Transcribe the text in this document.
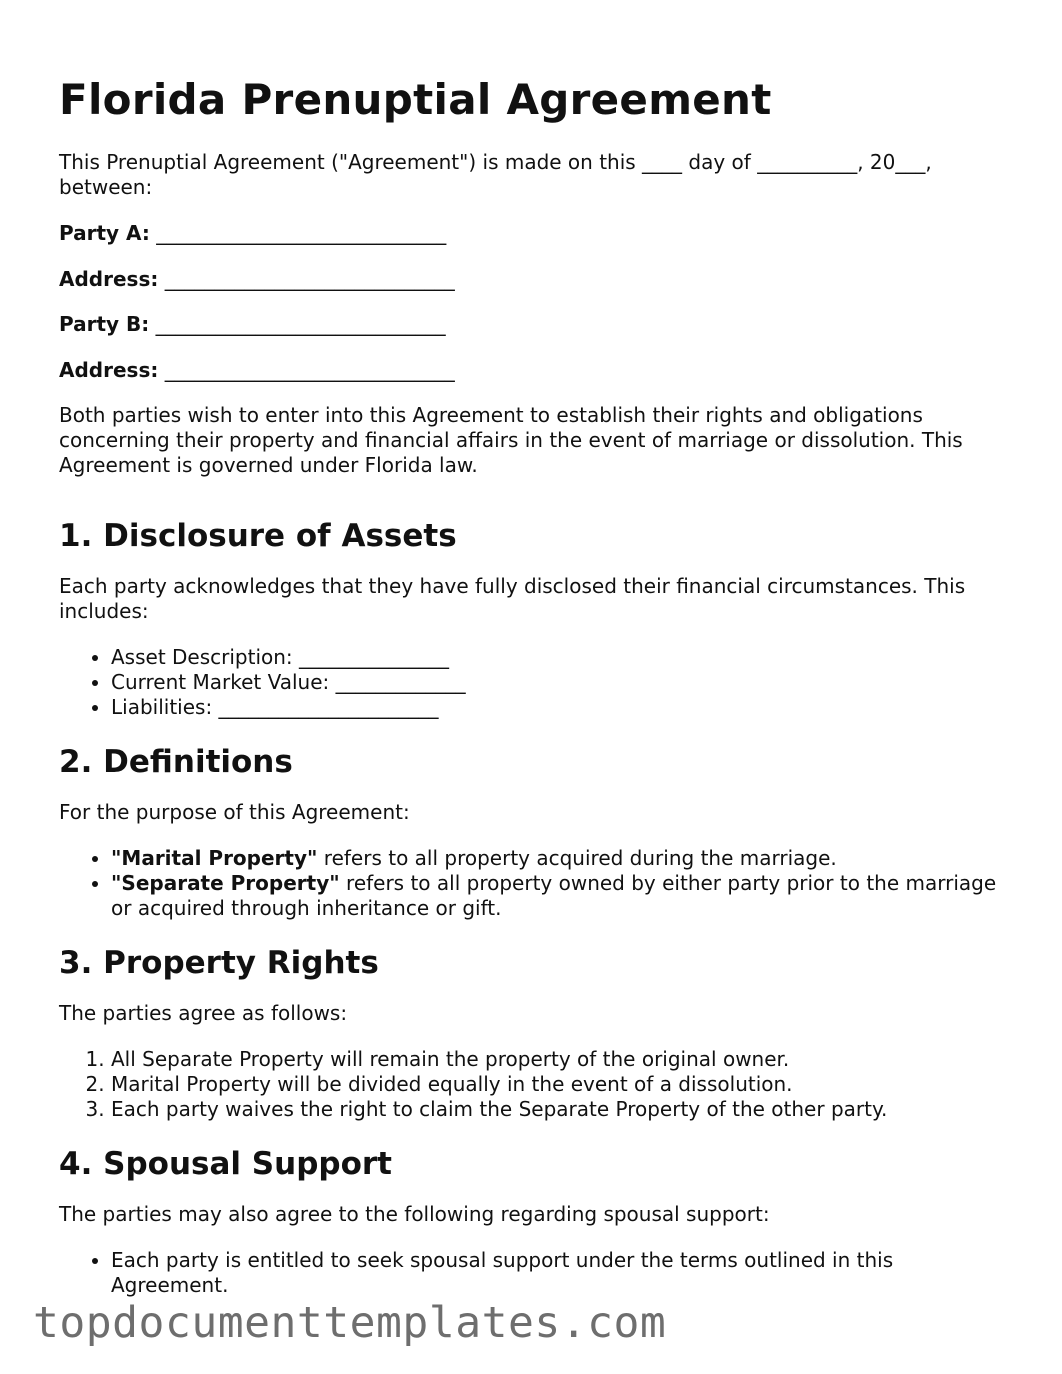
Florida Prenuptial Agreement

This Prenuptial Agreement ("Agreement") is made on this ____ day of __________, 20___, between:

Party A: _____________________________
Address: _____________________________
Party B: _____________________________
Address: _____________________________

Both parties wish to enter into this Agreement to establish their rights and obligations concerning their property and financial affairs in the event of marriage or dissolution. This Agreement is governed under Florida law.

1. Disclosure of Assets

Each party acknowledges that they have fully disclosed their financial circumstances. This includes:

• Asset Description: _______________
• Current Market Value: _____________
• Liabilities: ______________________
2. Definitions

For the purpose of this Agreement:

• "Marital Property" refers to all property acquired during the marriage.
• "Separate Property" refers to all property owned by either party prior to the marriage or acquired through inheritance or gift.
3. Property Rights

The parties agree as follows:

1. All Separate Property will remain the property of the original owner.
2. Marital Property will be divided equally in the event of a dissolution.
3. Each party waives the right to claim the Separate Property of the other party.
4. Spousal Support

The parties may also agree to the following regarding spousal support:

• Each party is entitled to seek spousal support under the terms outlined in this Agreement.
topdocumenttemplates.com
